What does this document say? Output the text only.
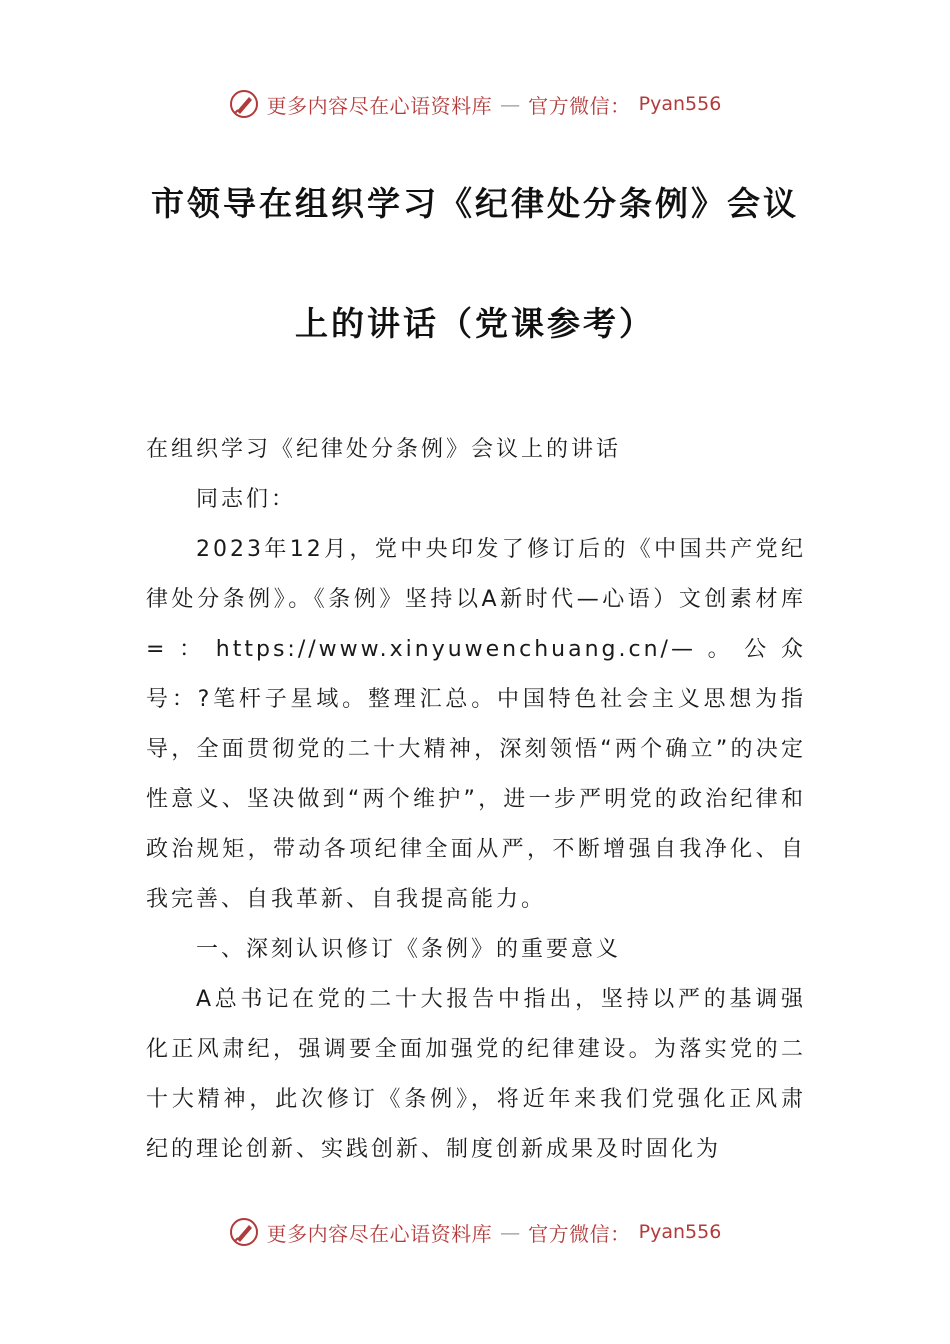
更多内容尽在心语资料库 — 官方微信： Pyan556
市领导在组织学习《纪律处分条例》会议
上的讲话（党课参考）

在组织学习《纪律处分条例》会议上的讲话

同志们：

2023年12月，党中央印发了修订后的《中国共产党纪律处分条例》。《条例》坚持以A新时代—心语）文创素材库=：https://www.xinyuwenchuang.cn/—。公众号：?笔杆子星域。整理汇总。中国特色社会主义思想为指导，全面贯彻党的二十大精神，深刻领悟“两个确立”的决定性意义、坚决做到“两个维护”，进一步严明党的政治纪律和政治规矩，带动各项纪律全面从严，不断增强自我净化、自我完善、自我革新、自我提高能力。

一、深刻认识修订《条例》的重要意义

A总书记在党的二十大报告中指出，坚持以严的基调强化正风肃纪，强调要全面加强党的纪律建设。为落实党的二十大精神，此次修订《条例》，将近年来我们党强化正风肃纪的理论创新、实践创新、制度创新成果及时固化为

更多内容尽在心语资料库 — 官方微信： Pyan556
